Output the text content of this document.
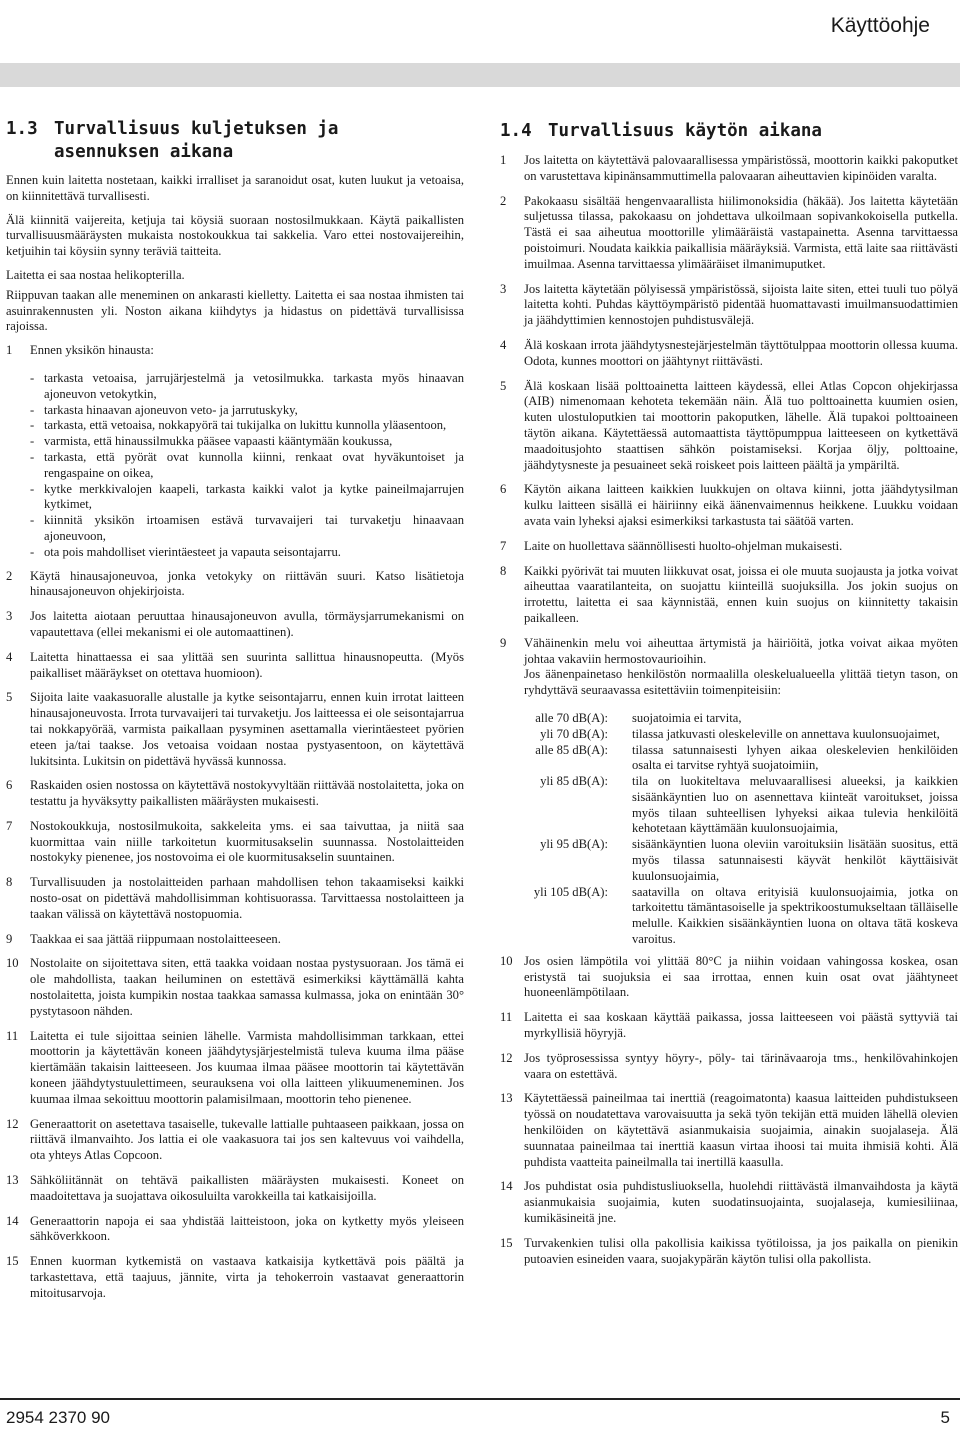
Käyttöohje
1.3 Turvallisuus kuljetuksen ja
asennuksen aikana

Ennen kuin laitetta nostetaan, kaikki irralliset ja saranoidut osat, kuten luukut ja vetoaisa, on kiinnitettävä turvallisesti.

Älä kiinnitä vaijereita, ketjuja tai köysiä suoraan nostosilmukkaan. Käytä paikallisten turvallisuusmääräysten mukaista nostokoukkua tai sakkelia. Varo ettei nostovaijereihin, ketjuihin tai köysiin synny teräviä taitteita.

Laitetta ei saa nostaa helikopterilla.

Riippuvan taakan alle meneminen on ankarasti kielletty. Laitetta ei saa nostaa ihmisten tai asuinrakennusten yli. Noston aikana kiihdytys ja hidastus on pidettävä turvallisissa rajoissa.

1	Ennen yksikön hinausta:
- tarkasta vetoaisa, jarrujärjestelmä ja vetosilmukka. tarkasta myös hinaavan ajoneuvon vetokytkin,
- tarkasta hinaavan ajoneuvon veto- ja jarrutuskyky,
- tarkasta, että vetoaisa, nokkapyörä tai tukijalka on lukittu kunnolla yläasentoon,
- varmista, että hinaussilmukka pääsee vapaasti kääntymään koukussa,
- tarkasta, että pyörät ovat kunnolla kiinni, renkaat ovat hyväkuntoiset ja rengaspaine on oikea,
- kytke merkkivalojen kaapeli, tarkasta kaikki valot ja kytke paineilmajarrujen kytkimet,
- kiinnitä yksikön irtoamisen estävä turvavaijeri tai turvaketju hinaavaan ajoneuvoon,
- ota pois mahdolliset vierintäesteet ja vapauta seisontajarru.
2	Käytä hinausajoneuvoa, jonka vetokyky on riittävän suuri. Katso lisätietoja hinausajoneuvon ohjekirjoista.
3	Jos laitetta aiotaan peruuttaa hinausajoneuvon avulla, törmäysjarrumekanismi on vapautettava (ellei mekanismi ei ole automaattinen).
4	Laitetta hinattaessa ei saa ylittää sen suurinta sallittua hinausnopeutta. (Myös paikalliset määräykset on otettava huomioon).
5	Sijoita laite vaakasuoralle alustalle ja kytke seisontajarru, ennen kuin irrotat laitteen hinausajoneuvosta. Irrota turvavaijeri tai turvaketju. Jos laitteessa ei ole seisontajarrua tai nokkapyörää, varmista paikallaan pysyminen asettamalla vierintäesteet pyörien eteen ja/tai taakse. Jos vetoaisa voidaan nostaa pystyasentoon, on käytettävä lukitsinta. Lukitsin on pidettävä hyvässä kunnossa.
6	Raskaiden osien nostossa on käytettävä nostokyvyltään riittävää nostolaitetta, joka on testattu ja hyväksytty paikallisten määräysten mukaisesti.
7	Nostokoukkuja, nostosilmukoita, sakkeleita yms. ei saa taivuttaa, ja niitä saa kuormittaa vain niille tarkoitetun kuormitusakselin suunnassa. Nostolaitteiden nostokyky pienenee, jos nostovoima ei ole kuormitusakselin suuntainen.
8	Turvallisuuden ja nostolaitteiden parhaan mahdollisen tehon takaamiseksi kaikki nosto-osat on pidettävä mahdollisimman kohtisuorassa. Tarvittaessa nostolaitteen ja taakan välissä on käytettävä nostopuomia.
9	Taakkaa ei saa jättää riippumaan nostolaitteeseen.
10 Nostolaite on sijoitettava siten, että taakka voidaan nostaa pystysuoraan. Jos tämä ei ole mahdollista, taakan heiluminen on estettävä esimerkiksi käyttämällä kahta nostolaitetta, joista kumpikin nostaa taakkaa samassa kulmassa, joka on enintään 30° pystytasoon nähden.
11 Laitetta ei tule sijoittaa seinien lähelle. Varmista mahdollisimman tarkkaan, ettei moottorin ja käytettävän koneen jäähdytysjärjestelmistä tuleva kuuma ilma pääse kiertämään takaisin laitteeseen. Jos kuumaa ilmaa pääsee moottorin tai käytettävän koneen jäähdytystuulettimeen, seurauksena voi olla laitteen ylikuumeneminen. Jos kuumaa ilmaa sekoittuu moottorin palamisilmaan, moottorin teho pienenee.
12 Generaattorit on asetettava tasaiselle, tukevalle lattialle puhtaaseen paikkaan, jossa on riittävä ilmanvaihto. Jos lattia ei ole vaakasuora tai jos sen kaltevuus voi vaihdella, ota yhteys Atlas Copcoon.
13 Sähköliitännät on tehtävä paikallisten määräysten mukaisesti. Koneet on maadoitettava ja suojattava oikosuluilta varokkeilla tai katkaisijoilla.
14 Generaattorin napoja ei saa yhdistää laitteistoon, joka on kytketty myös yleiseen sähköverkkoon.
15 Ennen kuorman kytkemistä on vastaava katkaisija kytkettävä pois päältä ja tarkastettava, että taajuus, jännite, virta ja tehokerroin vastaavat generaattorin mitoitusarvoja.
1.4 Turvallisuus käytön aikana
1	Jos laitetta on käytettävä palovaarallisessa ympäristössä, moottorin kaikki pakoputket on varustettava kipinänsammuttimella palovaaran aiheuttavien kipinöiden varalta.
2	Pakokaasu sisältää hengenvaarallista hiilimonoksidia (häkää). Jos laitetta käytetään suljetussa tilassa, pakokaasu on johdettava ulkoilmaan sopivankokoisella putkella. Tästä ei saa aiheutua moottorille ylimääräistä vastapainetta. Asenna tarvittaessa poistoimuri. Noudata kaikkia paikallisia määräyksiä. Varmista, että laite saa riittävästi imuilmaa. Asenna tarvittaessa ylimääräiset ilmanimuputket.
3	Jos laitetta käytetään pölyisessä ympäristössä, sijoista laite siten, ettei tuuli tuo pölyä laitetta kohti. Puhdas käyttöympäristö pidentää huomattavasti imuilmansuodattimien ja jäähdyttimien kennostojen puhdistusvälejä.
4	Älä koskaan irrota jäähdytysnestejärjestelmän täyttötulppaa moottorin ollessa kuuma. Odota, kunnes moottori on jäähtynyt riittävästi.
5	Älä koskaan lisää polttoainetta laitteen käydessä, ellei Atlas Copcon ohjekirjassa (AIB) nimenomaan kehoteta tekemään näin. Älä tuo polttoainetta kuumien osien, kuten ulostuloputkien tai moottorin pakoputken, lähelle. Älä tupakoi polttoaineen täytön aikana. Käytettäessä automaattista täyttöpumppua laitteeseen on kytkettävä maadoitusjohto staattisen sähkön poistamiseksi. Korjaa öljy, polttoaine, jäähdytysneste ja pesuaineet sekä roiskeet pois laitteen päältä ja ympäriltä.
6	Käytön aikana laitteen kaikkien luukkujen on oltava kiinni, jotta jäähdytysilman kulku laitteen sisällä ei häiriinny eikä äänenvaimennus heikkene. Luukku voidaan avata vain lyheksi ajaksi esimerkiksi tarkastusta tai säätöä varten.
7	Laite on huollettava säännöllisesti huolto-ohjelman mukaisesti.
8	Kaikki pyörivät tai muuten liikkuvat osat, joissa ei ole muuta suojausta ja jotka voivat aiheuttaa vaaratilanteita, on suojattu kiinteillä suojuksilla. Jos jokin suojus on irrotettu, laitetta ei saa käynnistää, ennen kuin suojus on kiinnitetty takaisin paikalleen.
9	Vähäinenkin melu voi aiheuttaa ärtymistä ja häiriöitä, jotka voivat aikaa myöten johtaa vakaviin hermostovaurioihin.
Jos äänenpainetaso henkilöstön normaalilla oleskelualueella ylittää tietyn tason, on ryhdyttävä seuraavassa esitettäviin toimenpiteisiin:
alle 70 dB(A):	suojatoimia ei tarvita,
yli 70 dB(A):	tilassa jatkuvasti oleskeleville on annettava kuulonsuojaimet,
alle 85 dB(A):	tilassa satunnaisesti lyhyen aikaa oleskelevien henkilöiden osalta ei tarvitse ryhtyä suojatoimiin,
yli 85 dB(A):	tila on luokiteltava meluvaarallisesi alueeksi, ja kaikkien sisäänkäyntien luo on asennettava kiinteät varoitukset, joissa myös tilaan suhteellisen lyhyeksi aikaa tulevia henkilöitä kehotetaan käyttämään kuulonsuojaimia,
yli 95 dB(A):	sisäänkäyntien luona oleviin varoituksiin lisätään suositus, että myös tilassa satunnaisesti käyvät henkilöt käyttäisivät kuulonsuojaimia,
yli 105 dB(A):	saatavilla on oltava erityisiä kuulonsuojaimia, jotka on tarkoitettu tämäntasoiselle ja spektrikoostumukseltaan tälläiselle melulle. Kaikkien sisäänkäyntien luona on oltava tätä koskeva varoitus.
10 Jos osien lämpötila voi ylittää 80°C ja niihin voidaan vahingossa koskea, osan eristystä tai suojuksia ei saa irrottaa, ennen kuin osat ovat jäähtyneet huoneenlämpötilaan.
11 Laitetta ei saa koskaan käyttää paikassa, jossa laitteeseen voi päästä syttyviä tai myrkyllisiä höyryjä.
12 Jos työprosessissa syntyy höyry-, pöly- tai tärinävaaroja tms., henkilövahinkojen vaara on estettävä.
13 Käytettäessä paineilmaa tai inerttiä (reagoimatonta) kaasua laitteiden puhdistukseen työssä on noudatettava varovaisuutta ja sekä työn tekijän että muiden lähellä olevien henkilöiden on käytettävä asianmukaisia suojaimia, ainakin suojalaseja. Älä suunnataa paineilmaa tai inerttiä kaasun virtaa ihoosi tai muita ihmisiä kohti. Älä puhdista vaatteita paineilmalla tai inertillä kaasulla.
14 Jos puhdistat osia puhdistusliuoksella, huolehdi riittävästä ilmanvaihdosta ja käytä asianmukaisia suojaimia, kuten suodatinsuojainta, suojalaseja, kumiesiliinaa, kumikäsineitä jne.
15 Turvakenkien tulisi olla pakollisia kaikissa työtiloissa, ja jos paikalla on pienikin putoavien esineiden vaara, suojakypärän käytön tulisi olla pakollista.
2954 2370 90	5
